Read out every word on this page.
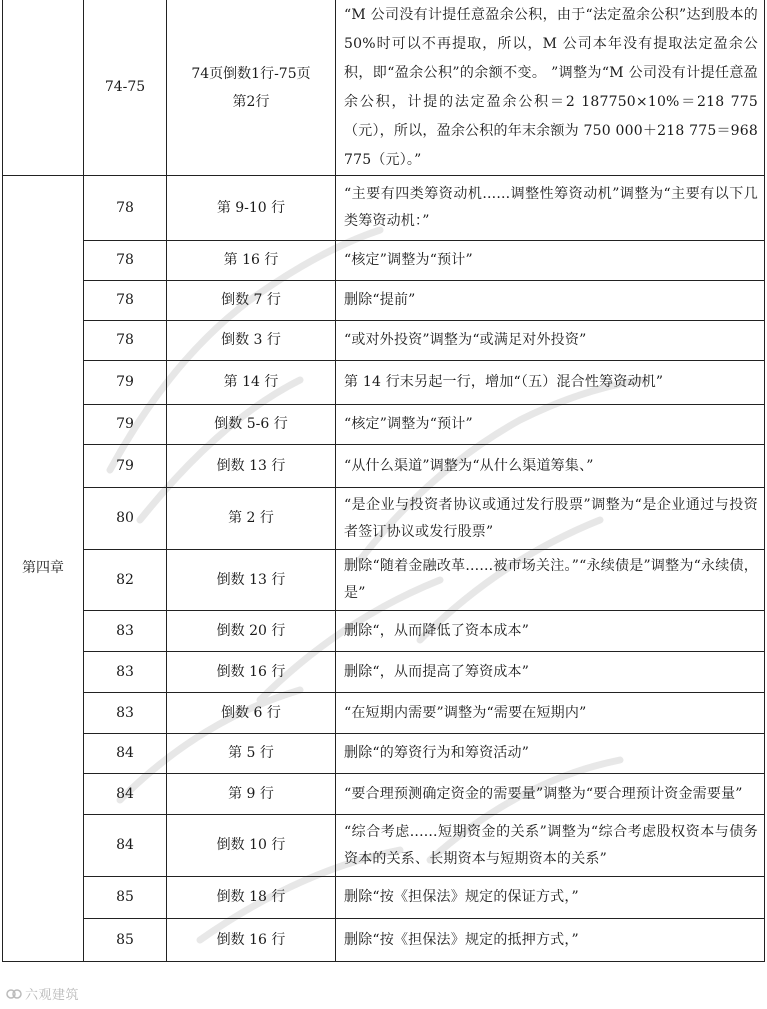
	74-75	74页倒数1行-75页第2行	“M 公司没有计提任意盈余公积，由于“法定盈余公积”达到股本的 50%时可以不再提取，所以，M 公司本年没有提取法定盈余公积，即“盈余公积”的余额不变。 ”调整为“M 公司没有计提任意盈余公积，计提的法定盈余公积＝2 187750×10%＝218 775（元），所以，盈余公积的年末余额为 750 000＋218 775＝968 775（元）。”
第四章	78	第 9-10 行	“主要有四类筹资动机......调整性筹资动机”调整为“主要有以下几类筹资动机：”
	78	第 16 行	“核定”调整为“预计”
	78	倒数 7 行	删除“提前”
	78	倒数 3 行	“或对外投资”调整为“或满足对外投资”
	79	第 14 行	第 14 行末另起一行，增加“（五）混合性筹资动机”
	79	倒数 5-6 行	“核定”调整为“预计”
	79	倒数 13 行	“从什么渠道”调整为“从什么渠道筹集、”
	80	第 2 行	“是企业与投资者协议或通过发行股票”调整为“是企业通过与投资者签订协议或发行股票”
	82	倒数 13 行	删除“随着金融改革......被市场关注。”“永续债是”调整为“永续债，是”
	83	倒数 20 行	删除“，从而降低了资本成本”
	83	倒数 16 行	删除“，从而提高了筹资成本”
	83	倒数 6 行	“在短期内需要”调整为“需要在短期内”
	84	第 5 行	删除“的筹资行为和筹资活动”
	84	第 9 行	“要合理预测确定资金的需要量”调整为“要合理预计资金需要量”
	84	倒数 10 行	“综合考虑......短期资金的关系”调整为“综合考虑股权资本与债务资本的关系、长期资本与短期资本的关系”
	85	倒数 18 行	删除“按《担保法》规定的保证方式，”
	85	倒数 16 行	删除“按《担保法》规定的抵押方式，”
六观建筑
